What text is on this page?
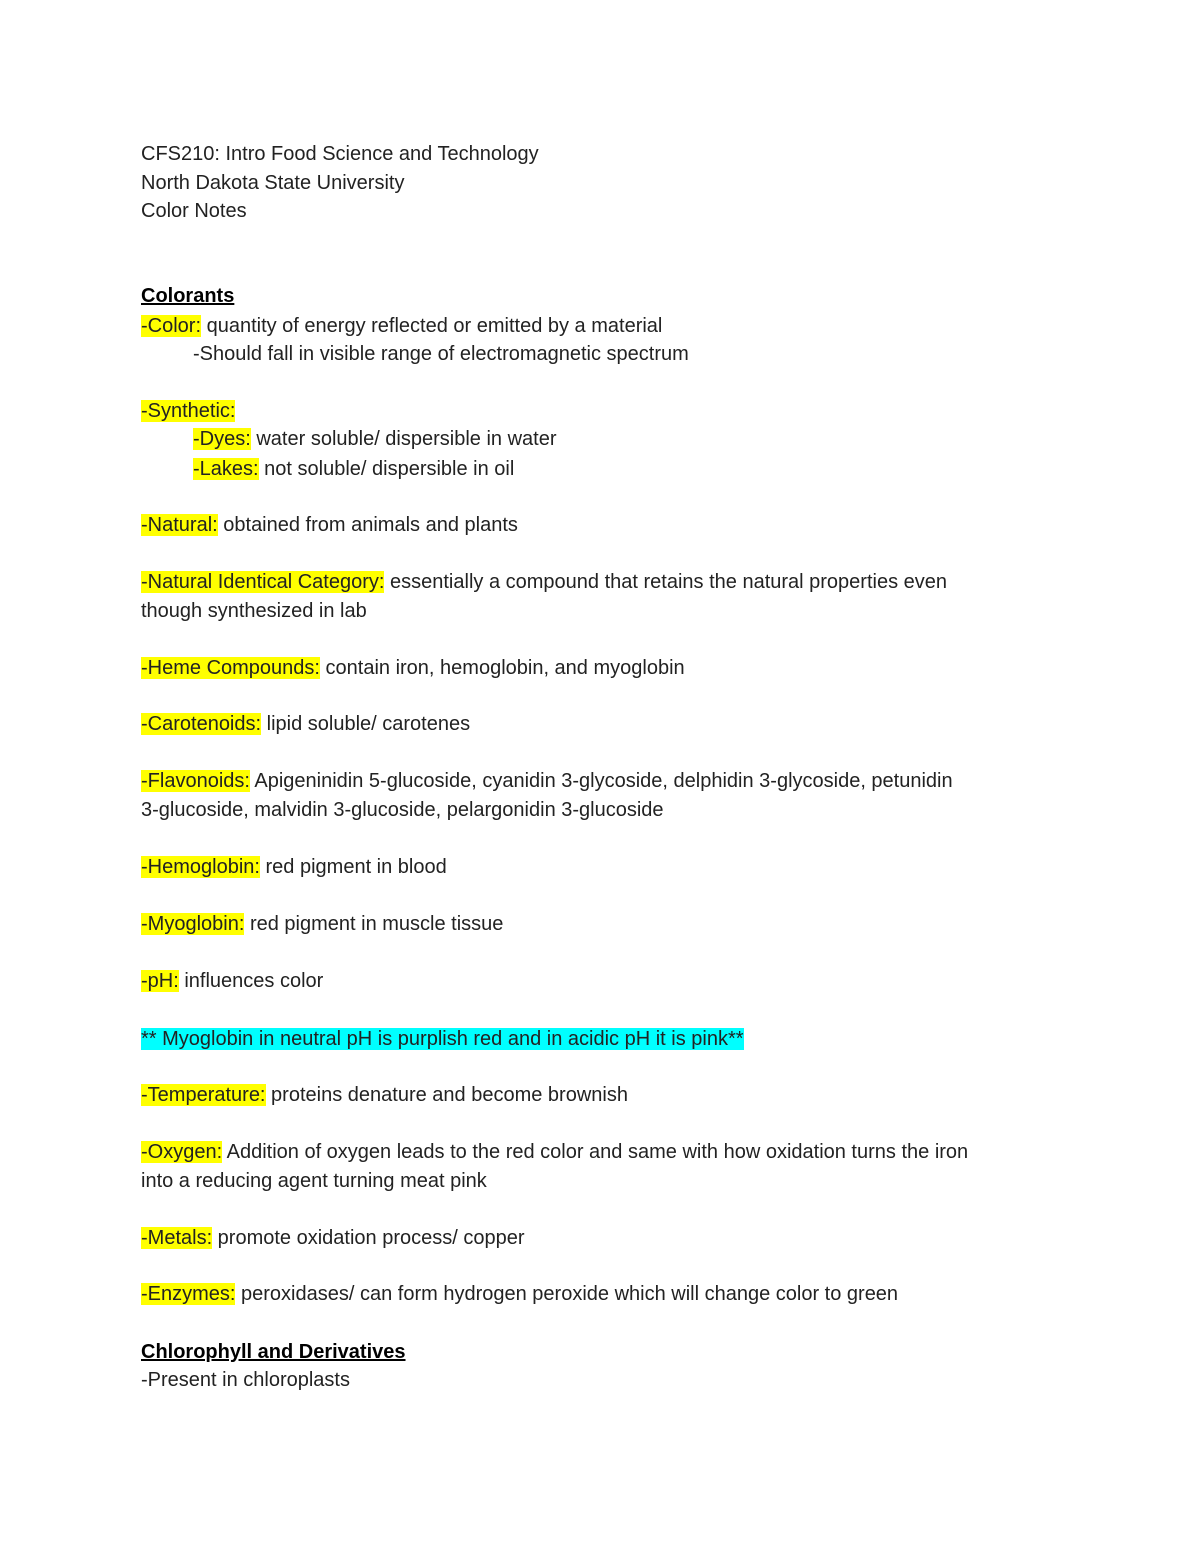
CFS210: Intro Food Science and Technology
North Dakota State University
Color Notes
Colorants
-Color: quantity of energy reflected or emitted by a material
-Should fall in visible range of electromagnetic spectrum
-Synthetic:
-Dyes: water soluble/ dispersible in water
-Lakes: not soluble/ dispersible in oil
-Natural: obtained from animals and plants
-Natural Identical Category: essentially a compound that retains the natural properties even
though synthesized in lab
-Heme Compounds: contain iron, hemoglobin, and myoglobin
-Carotenoids: lipid soluble/ carotenes
-Flavonoids: Apigeninidin 5-glucoside, cyanidin 3-glycoside, delphidin 3-glycoside, petunidin
3-glucoside, malvidin 3-glucoside, pelargonidin 3-glucoside
-Hemoglobin: red pigment in blood
-Myoglobin: red pigment in muscle tissue
-pH: influences color
** Myoglobin in neutral pH is purplish red and in acidic pH it is pink**
-Temperature: proteins denature and become brownish
-Oxygen: Addition of oxygen leads to the red color and same with how oxidation turns the iron
into a reducing agent turning meat pink
-Metals: promote oxidation process/ copper
-Enzymes: peroxidases/ can form hydrogen peroxide which will change color to green
Chlorophyll and Derivatives
-Present in chloroplasts
